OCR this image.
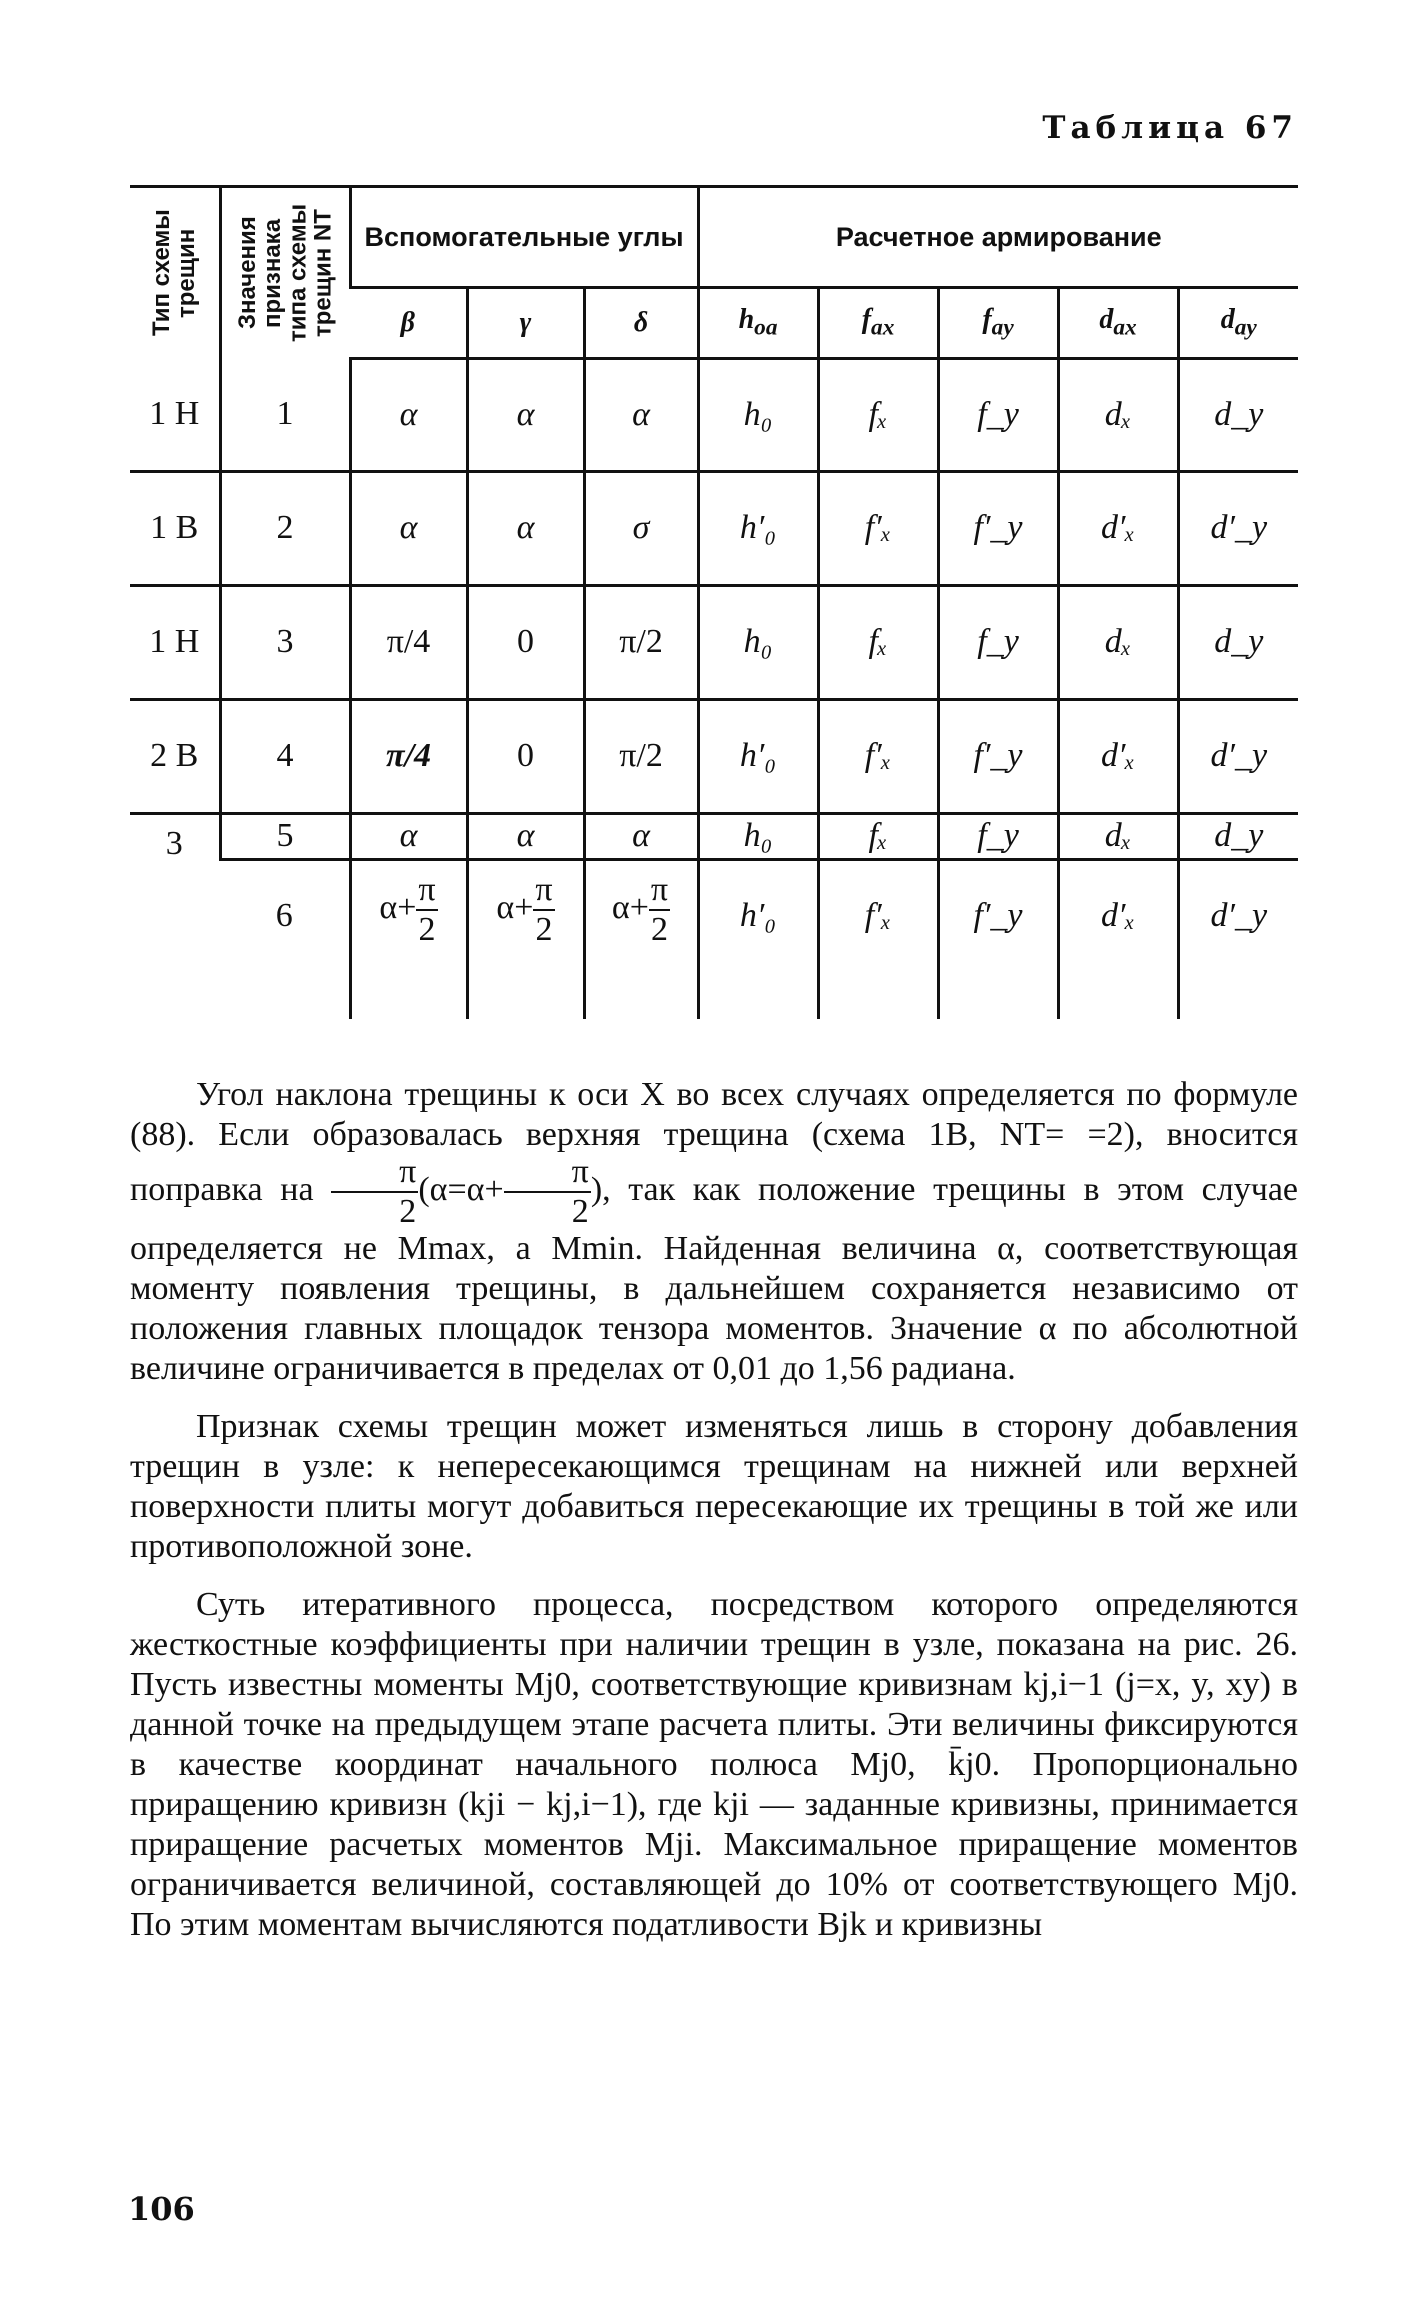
Таблица 67
Тип схемы трещин	Значения признака типа схемы трещин NT	Вспомогательные углы			Расчетное армирование				
		β	γ	δ	$h_{oa}$	$f_{ax}$	$f_{ay}$	$d_{ax}$	$d_{ay}$
1 Н	1	α	α	α	h₀	fₓ	f_y	dₓ	d_y
1 В	2	α	α	σ	h′₀	f′ₓ	f′_y	d′ₓ	d′_y
1 Н	3	π/4	0	π/2	h₀	fₓ	f_y	dₓ	d_y
2 В	4	π/4	0	π/2	h′₀	f′ₓ	f′_y	d′ₓ	d′_y
3	5	α	α	α	h₀	fₓ	f_y	dₓ	d_y
	6	$\alpha+ \frac{\pi}{2}$	$\alpha+ \frac{\pi}{2}$	$\alpha+ \frac{\pi}{2}$	h′₀	f′ₓ	f′_y	d′ₓ	d′_y

Угол наклона трещины к оси X во всех случаях определяется по формуле (88). Если образовалась верхняя трещина (схема 1В, NT= =2), вносится поправка на $\frac{\pi}{2} (\alpha=\alpha+ \frac{\pi}{2}$ ), так как положение трещины в этом случае определяется не Mmax, а Mmin. Найденная величина α, соответствующая моменту появления трещины, в дальнейшем сохраняется независимо от положения главных площадок тензора моментов. Значение α по абсолютной величине ограничивается в пределах от 0,01 до 1,56 радиана.

Признак схемы трещин может изменяться лишь в сторону добавления трещин в узле: к непересекающимся трещинам на нижней или верхней поверхности плиты могут добавиться пересекающие их трещины в той же или противоположной зоне.

Суть итеративного процесса, посредством которого определяются жесткостные коэффициенты при наличии трещин в узле, показана на рис. 26. Пусть известны моменты Mj0, соответствующие кривизнам kj,i−1 (j=x, y, xy) в данной точке на предыдущем этапе расчета плиты. Эти величины фиксируются в качестве координат начального полюса Mj0, k̄j0. Пропорционально приращению кривизн (kji − kj,i−1), где kji — заданные кривизны, принимается приращение расчетых моментов Mji. Максимальное приращение моментов ограничивается величиной, составляющей до 10% от соответствующего Mj0. По этим моментам вычисляются податливости Bjk и кривизны

106
